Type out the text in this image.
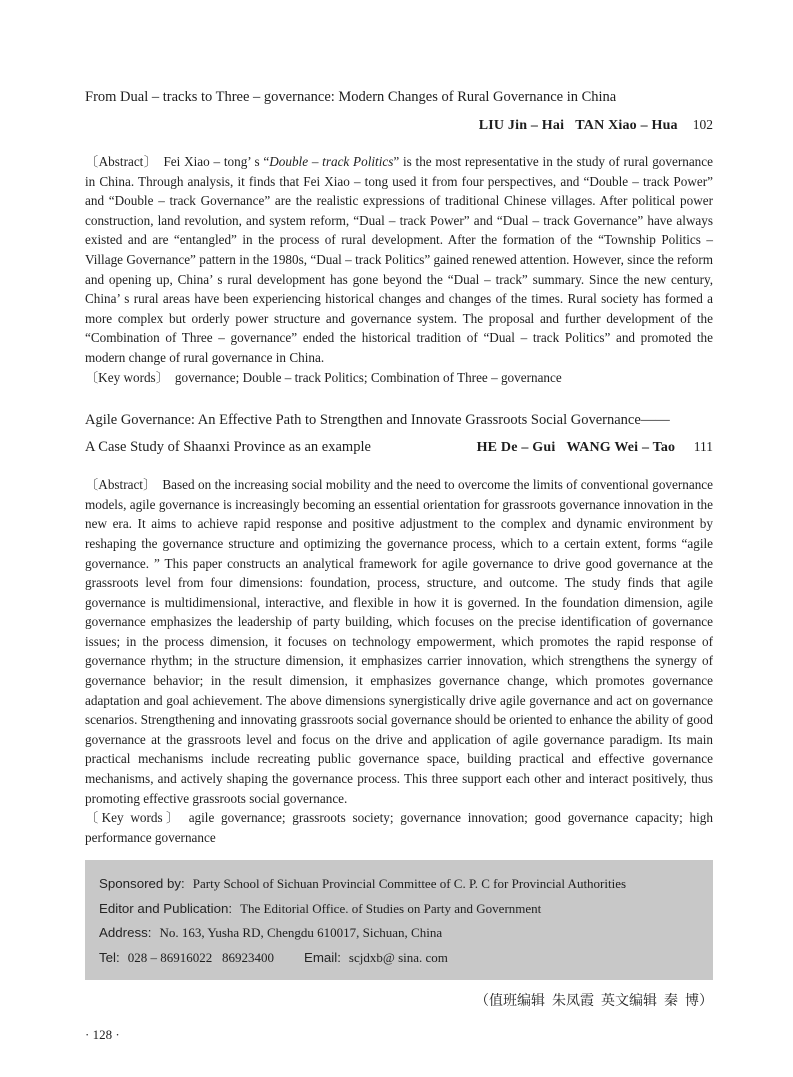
From Dual – tracks to Three – governance: Modern Changes of Rural Governance in China
LIU Jin – Hai   TAN Xiao – Hua 102

〔Abstract〕 Fei Xiao – tong’ s “Double – track Politics” is the most representative in the study of rural governance in China. Through analysis, it finds that Fei Xiao – tong used it from four perspectives, and “Double – track Power” and “Double – track Governance” are the realistic expressions of traditional Chinese villages. After political power construction, land revolution, and system reform, “Dual – track Power” and “Dual – track Governance” have always existed and are “entangled” in the process of rural development. After the formation of the “Township Politics – Village Governance” pattern in the 1980s, “Dual – track Politics” gained renewed attention. However, since the reform and opening up, China’ s rural development has gone beyond the “Dual – track” summary. Since the new century, China’ s rural areas have been experiencing historical changes and changes of the times. Rural society has formed a more complex but orderly power structure and governance system. The proposal and further development of the “Combination of Three – governance” ended the historical tradition of “Dual – track Politics” and promoted the modern change of rural governance in China.

〔Key words〕 governance; Double – track Politics; Combination of Three – governance

Agile Governance: An Effective Path to Strengthen and Innovate Grassroots Social Governance——
A Case Study of Shaanxi Province as an example	HE De – Gui   WANG Wei – Tao 111

〔Abstract〕 Based on the increasing social mobility and the need to overcome the limits of conventional governance models, agile governance is increasingly becoming an essential orientation for grassroots governance innovation in the new era. It aims to achieve rapid response and positive adjustment to the complex and dynamic environment by reshaping the governance structure and optimizing the governance process, which to a certain extent, forms “agile governance. ” This paper constructs an analytical framework for agile governance to drive good governance at the grassroots level from four dimensions: foundation, process, structure, and outcome. The study finds that agile governance is multidimensional, interactive, and flexible in how it is governed. In the foundation dimension, agile governance emphasizes the leadership of party building, which focuses on the precise identification of governance issues; in the process dimension, it focuses on technology empowerment, which promotes the rapid response of governance rhythm; in the structure dimension, it emphasizes carrier innovation, which strengthens the synergy of governance behavior; in the result dimension, it emphasizes governance change, which promotes governance adaptation and goal achievement. The above dimensions synergistically drive agile governance and act on governance scenarios. Strengthening and innovating grassroots social governance should be oriented to enhance the ability of good governance at the grassroots level and focus on the drive and application of agile governance paradigm. Its main practical mechanisms include recreating public governance space, building practical and effective governance mechanisms, and actively shaping the governance process. This three support each other and interact positively, thus promoting effective grassroots social governance.

〔Key words〕 agile governance; grassroots society; governance innovation; good governance capacity; high performance governance

Sponsored by: Party School of Sichuan Provincial Committee of C. P. C for Provincial Authorities
Editor and Publication: The Editorial Office. of Studies on Party and Government
Address: No. 163, Yusha RD, Chengdu 610017, Sichuan, China
Tel: 028 – 86916022   86923400 Email: scjdxb@ sina. com
（值班编辑  朱凤霞  英文编辑  秦  博）
· 128 ·
